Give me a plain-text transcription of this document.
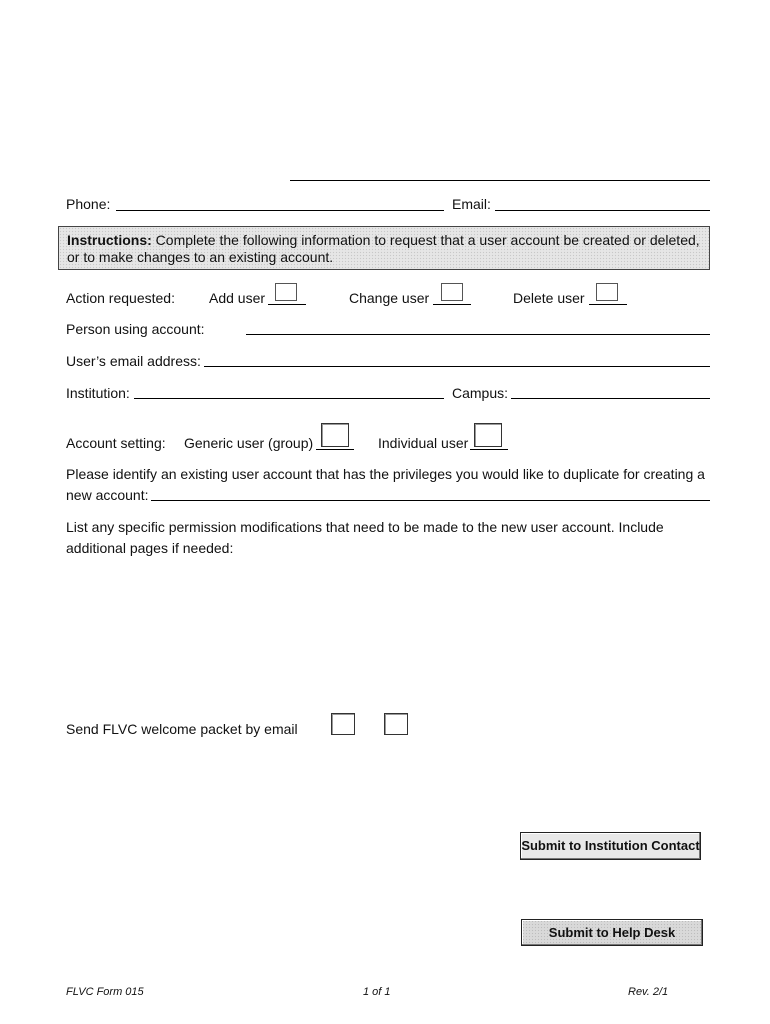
Phone:	Email:
Instructions: Complete the following information to request that a user account be created or deleted, or to make changes to an existing account.
Action requested: Add user	Change user	Delete user
Person using account:
User’s email address:
Institution:	Campus:
Account setting: Generic user (group)	Individual user
Please identify an existing user account that has the privileges you would like to duplicate for creating a
new account:
List any specific permission modifications that need to be made to the new user account. Include
additional pages if needed:
Send FLVC welcome packet by email
Submit to Institution Contact
Submit to Help Desk
FLVC Form 015	1 of 1	Rev. 2/1
